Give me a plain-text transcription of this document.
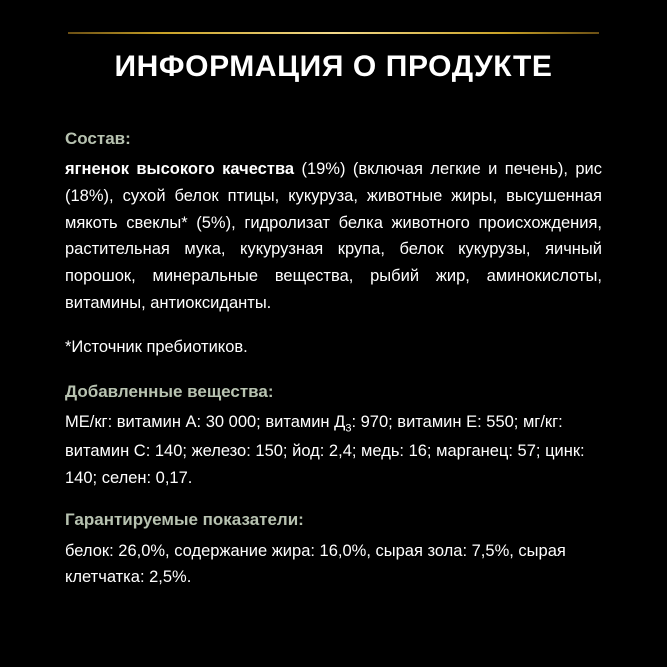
ИНФОРМАЦИЯ О ПРОДУКТЕ
Состав:

ягненок высокого качества (19%) (включая легкие и печень), рис (18%), сухой белок птицы, кукуруза, животные жиры, высушенная мякоть свеклы* (5%), гидролизат белка животного происхождения, растительная мука, кукурузная крупа, белок кукурузы, яичный порошок, минеральные вещества, рыбий жир, аминокислоты, витамины, антиоксиданты.

*Источник пребиотиков.

Добавленные вещества:

МЕ/кг: витамин А: 30 000; витамин $Д_3$: 970; витамин Е: 550; мг/кг: витамин С: 140; железо: 150; йод: 2,4; медь: 16; марганец: 57; цинк: 140; селен: 0,17.

Гарантируемые показатели:

белок: 26,0%, содержание жира: 16,0%, сырая зола: 7,5%, сырая клетчатка: 2,5%.
